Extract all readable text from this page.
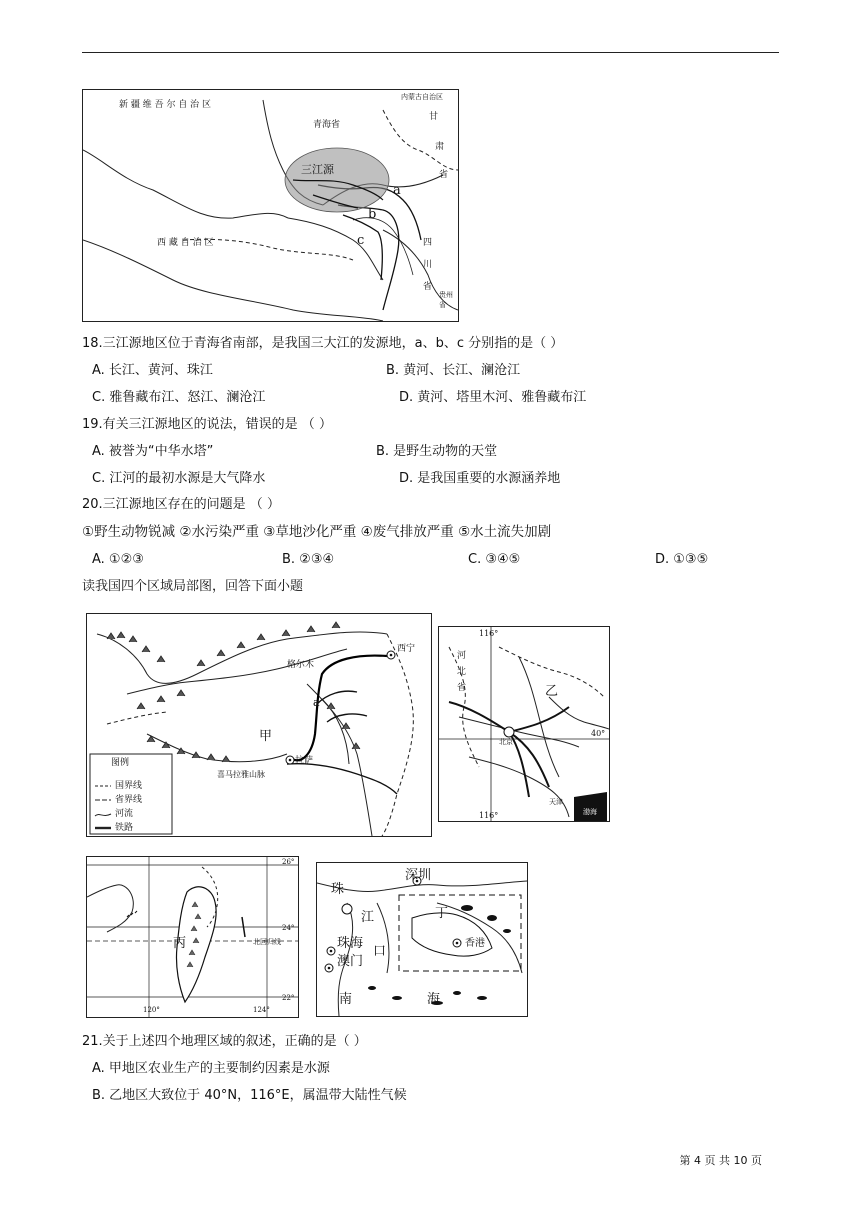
新 疆 维 吾 尔 自 治 区
内蒙古自治区
青海省
甘
肃
省
三江源
a
b
c
西 藏 自 治 区	四
川
省
贵州省
18.三江源地区位于青海省南部，是我国三大江的发源地，a、b、c 分别指的是（ ）
A. 长江、黄河、珠江	B. 黄河、长江、澜沧江
C. 雅鲁藏布江、怒江、澜沧江	D. 黄河、塔里木河、雅鲁藏布江
19.有关三江源地区的说法，错误的是 （ ）
A. 被誉为“中华水塔”	B. 是野生动物的天堂
C. 江河的最初水源是大气降水	D. 是我国重要的水源涵养地
20.三江源地区存在的问题是 （ ）
①野生动物锐减 ②水污染严重 ③草地沙化严重 ④废气排放严重 ⑤水土流失加剧
A. ①②③	B. ②③④	C. ③④⑤	D. ①③⑤
读我国四个区域局部图，回答下面小题
格尔木
西宁
a
甲
拉萨
喜马拉雅山脉
图例
国界线
省界线
河流
铁路
116°
116°
40°
河
北
省	乙
北京
天津
渤海
26°
24°
22°
120°	124°
北回归线
丙
深圳
珠
江
口
珠海
澳门
丁
香港
南	海
21.关于上述四个地理区域的叙述，正确的是（ ）
A. 甲地区农业生产的主要制约因素是水源
B. 乙地区大致位于 40°N，116°E，属温带大陆性气候
第 4 页 共 10 页
